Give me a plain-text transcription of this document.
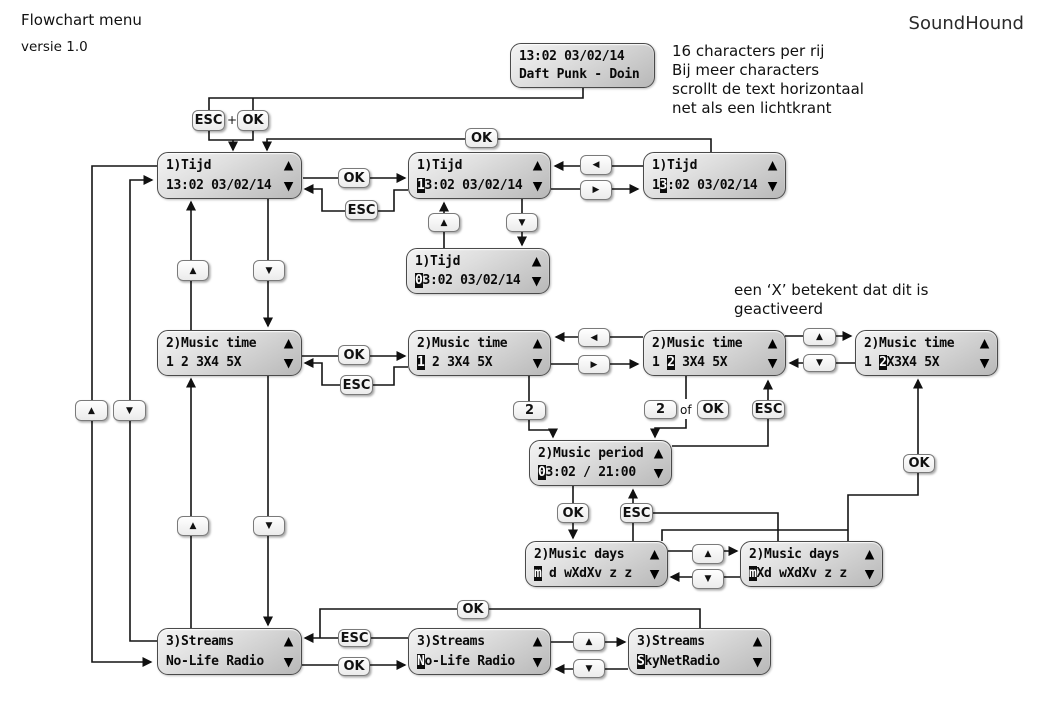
Flowchart menu
versie 1.0
SoundHound
16 characters per rij
Bij meer characters
scrollt de text horizontaal
net als een lichtkrant
een ‘X’ betekent dat dit is
geactiveerd
13:02 03/02/14
Daft Punk - Doin
1)Tijd
13:02 03/02/14
▲
▼
1)Tijd
13:02 03/02/14
▲
▼
1)Tijd
13:02 03/02/14
▲
▼
1)Tijd
03:02 03/02/14
▲
▼
2)Music time
1 2 3X4 5X
▲
▼
2)Music time
1 2 3X4 5X
▲
▼
2)Music time
1 2 3X4 5X
▲
▼
2)Music time
1 2X3X4 5X
▲
▼
2)Music period
03:02 / 21:00
▲
▼
2)Music days
m d wXdXv z z
▲
▼
2)Music days
mXd wXdXv z z
▲
▼
3)Streams
No-Life Radio
▲
▼
3)Streams
No-Life Radio
▲
▼
3)Streams
SkyNetRadio
▲
▼
ESC + OK
OK
OK
ESC
◀
▶
▲	▼
▲	▼
▲	▼
OK
ESC
◀
▶
▲
▼
2	2	of OK	ESC
OK	ESC
▲
▼
OK
▲	▼
OK
ESC
OK
▲
▼
